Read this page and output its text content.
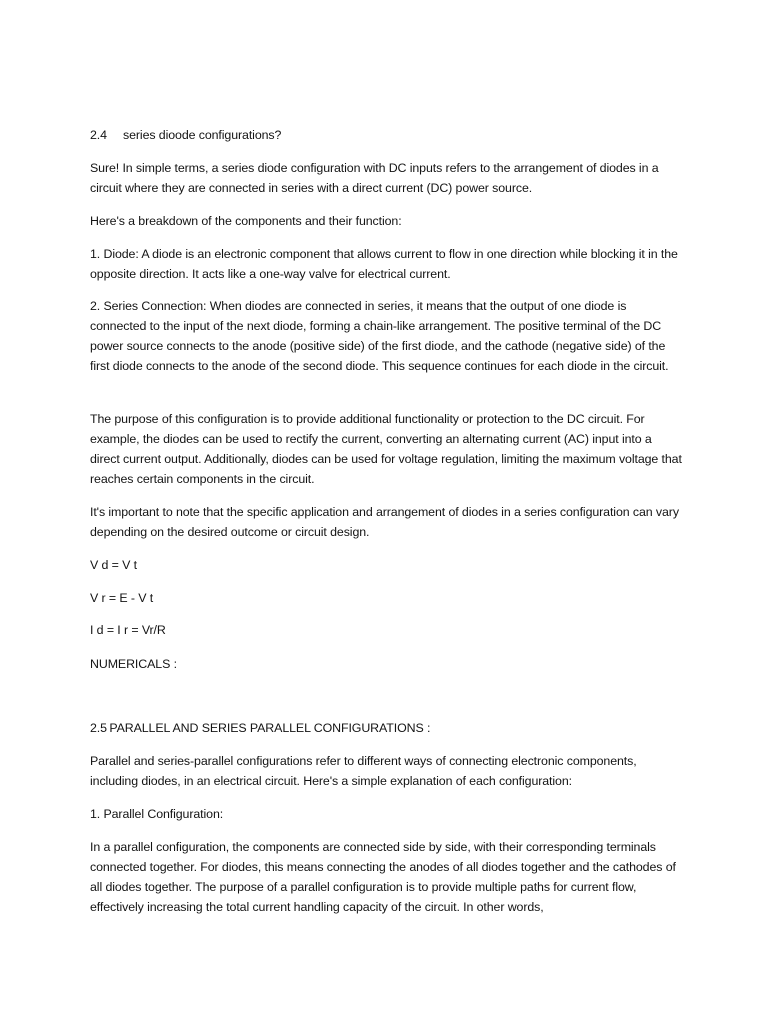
2.4 series dioode configurations?

Sure! In simple terms, a series diode configuration with DC inputs refers to the arrangement of diodes in a circuit where they are connected in series with a direct current (DC) power source.

Here's a breakdown of the components and their function:

1. Diode: A diode is an electronic component that allows current to flow in one direction while blocking it in the opposite direction. It acts like a one-way valve for electrical current.

2. Series Connection: When diodes are connected in series, it means that the output of one diode is connected to the input of the next diode, forming a chain-like arrangement. The positive terminal of the DC power source connects to the anode (positive side) of the first diode, and the cathode (negative side) of the first diode connects to the anode of the second diode. This sequence continues for each diode in the circuit.

The purpose of this configuration is to provide additional functionality or protection to the DC circuit. For example, the diodes can be used to rectify the current, converting an alternating current (AC) input into a direct current output. Additionally, diodes can be used for voltage regulation, limiting the maximum voltage that reaches certain components in the circuit.

It's important to note that the specific application and arrangement of diodes in a series configuration can vary depending on the desired outcome or circuit design.

V d = V t

V r = E - V t

I d = I r = Vr/R

NUMERICALS :

2.5 PARALLEL AND SERIES PARALLEL CONFIGURATIONS :

Parallel and series-parallel configurations refer to different ways of connecting electronic components, including diodes, in an electrical circuit. Here's a simple explanation of each configuration:

1. Parallel Configuration:

In a parallel configuration, the components are connected side by side, with their corresponding terminals connected together. For diodes, this means connecting the anodes of all diodes together and the cathodes of all diodes together. The purpose of a parallel configuration is to provide multiple paths for current flow, effectively increasing the total current handling capacity of the circuit. In other words,
